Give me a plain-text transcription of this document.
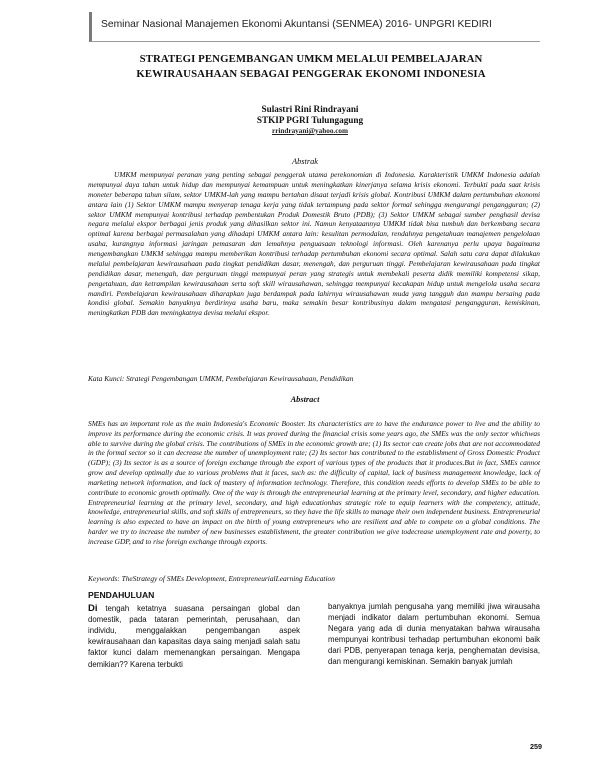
Seminar Nasional Manajemen Ekonomi Akuntansi (SENMEA) 2016- UNPGRI KEDIRI
STRATEGI PENGEMBANGAN UMKM MELALUI PEMBELAJARAN
KEWIRAUSAHAAN SEBAGAI PENGGERAK EKONOMI INDONESIA
Sulastri Rini Rindrayani
STKIP PGRI Tulungagung
rrindrayani@yahoo.com
Abstrak

UMKM mempunyai peranan yang penting sebagai penggerak utama perekonomian di Indonesia. Karakteristik UMKM Indonesia adalah mempunyai daya tahan untuk hidup dan mempunyai kemampuan untuk meningkatkan kinerjanya selama krisis ekonomi. Terbukti pada saat krisis moneter beberapa tahun silam, sektor UMKM-lah yang mampu bertahan disaat terjadi krisis global. Kontribusi UMKM dalam pertumbuhan ekonomi antara lain (1) Sektor UMKM mampu menyerap tenaga kerja yang tidak tertampung pada sektor formal sehingga mengurangi pengangguran; (2) sektor UMKM mempunyai kontribusi terhadap pembentukan Produk Domestik Bruto (PDB); (3) Sektor UMKM sebagai sumber penghasil devisa negara melalui ekspor berbagai jenis produk yang dihasilkan sektor ini. Namun kenyataannya UMKM tidak bisa tumbuh dan berkembang secara optimal karena berbagai permasalahan yang dihadapi UMKM antara lain: kesulitan permodalan, rendahnya pengetahuan manajemen pengelolaan usaha, kurangnya informasi jaringan pemasaran dan lemahnya penguasaan teknologi informasi. Oleh karenanya perlu upaya bagaimana mengembangkan UMKM sehingga mampu memberikan kontribusi terhadap pertumbuhan ekonomi secara optimal. Salah satu cara dapat dilakukan melalui pembelajaran kewirausahaan pada tingkat pendidikan dasar, menengah, dan perguruan tinggi. Pembelajaran kewirausahaan pada tingkat pendidikan dasar, menengah, dan perguruan tinggi mempunyai peran yang strategis untuk membekali peserta didik memiliki kompetensi sikap, pengetahuan, dan ketrampilan kewirausahaan serta soft skill wirausahawan, sehingga mempunyai kecakapan hidup untuk mengelola usaha secara mandiri. Pembelajaran kewirausahaan diharapkan juga berdampak pada lahirnya wirausahawan muda yang tangguh dan mampu bersaing pada kondisi global. Semakin banyaknya berdirinya usaha baru, maka semakin besar kontribusinya dalam mengatasi pengangguran, kemiskinan, meningkatkan PDB dan meningkatnya devisa melalui ekspor.

Kata Kunci: Strategi Pengembangan UMKM, Pembelajaran Kewirausahaan, Pendidikan

Abstract

SMEs has an important role as the main Indonesia's Economic Booster. Its characteristics are to have the endurance power to live and the ability to improve its performance during the economic crisis. It was proved during the financial crisis some years ago, the SMEs was the only sector whichwas able to survive during the global crisis. The contributions of SMEs in the economic growth are; (1) Its sector can create jobs that are not accommodated in the formal sector so it can decrease the number of unemployment rate; (2) Its sector has contributed to the establishment of Gross Domestic Product (GDP); (3) Its sector is as a source of foreign exchange through the export of various types of the products that it produces.But in fact, SMEs cannot grow and develop optimally due to various problems that it faces, such as: the difficulty of capital, lack of business management knowledge, lack of marketing network information, and lack of mastery of information technology. Therefore, this condition needs efforts to develop SMEs to be able to contribute to economic growth optimally. One of the way is through the entrepreneurial learning at the primary level, secondary, and higher education. Entrepreneurial learning at the primary level, secondary, and high educationhas strategic role to equip learners with the competency, attitude, knowledge, entrepreneurial skills, and soft skills of entrepreneurs, so they have the life skills to manage their own independent business. Entrepreneurial learning is also expected to have an impact on the birth of young entrepreneurs who are resilient and able to compete on a global conditions. The harder we try to increase the number of new businesses establishment, the greater contribution we give todecrease unemployment rate and poverty, to increase GDP, and to rise foreign exchange through exports.

Keywords: TheStrategy of SMEs Development, EntrepreneurialLearning Education

PENDAHULUAN
Di tengah ketatnya suasana persaingan global dan domestik, pada tataran pemerintah, perusahaan, dan individu, menggalakkan pengembangan aspek kewirausahaan dan kapasitas daya saing menjadi salah satu faktor kunci dalam memenangkan persaingan. Mengapa demikian?? Karena terbukti

banyaknya jumlah pengusaha yang memiliki jiwa wirausaha menjadi indikator dalam pertumbuhan ekonomi. Semua Negara yang ada di dunia menyatakan bahwa wirausaha mempunyai kontribusi terhadap pertumbuhan ekonomi baik dari PDB, penyerapan tenaga kerja, penghematan devisisa, dan mengurangi kemiskinan. Semakin banyak jumlah

259
